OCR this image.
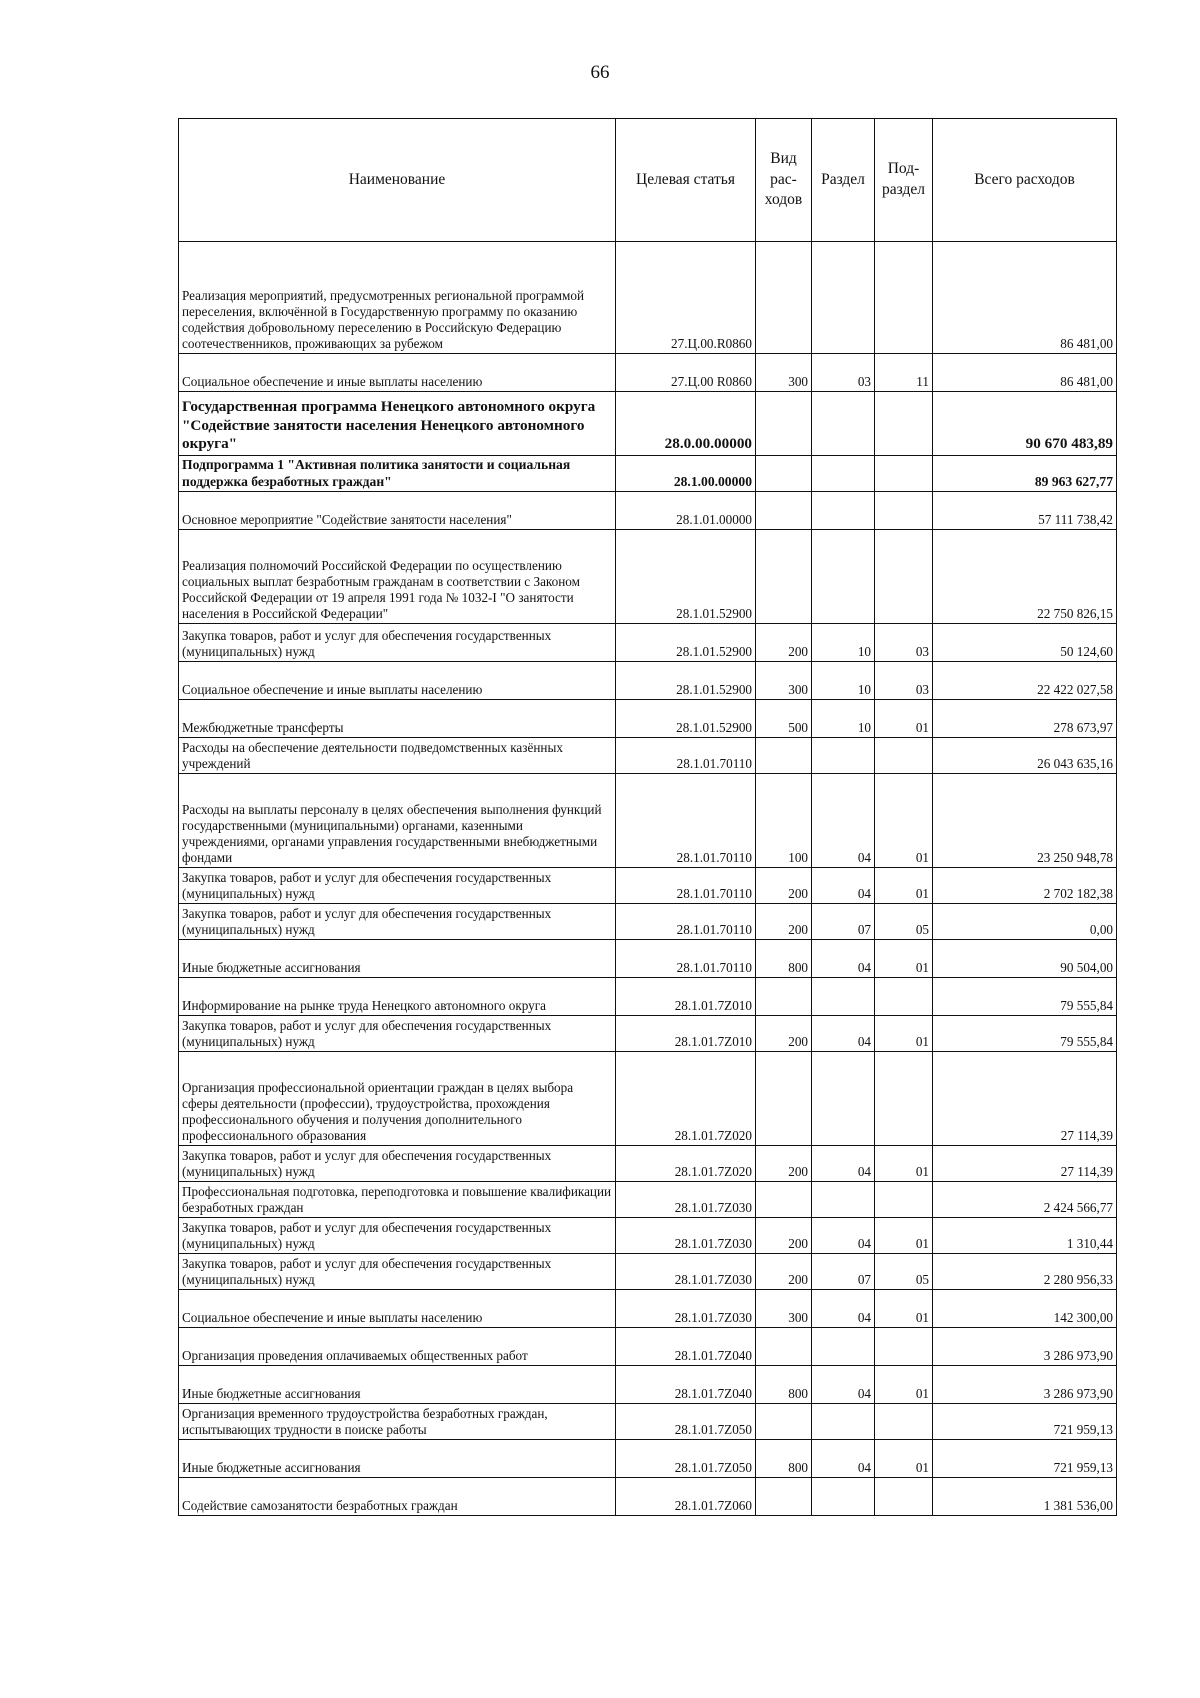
66
Наименование	Целевая статья	Вид рас- ходов	Раздел	Под- раздел	Всего расходов
Реализация мероприятий, предусмотренных региональной программой переселения, включённой в Государственную программу по оказанию содействия добровольному переселению в Российскую Федерацию соотечественников, проживающих за рубежом	27.Ц.00.R0860				86 481,00
Социальное обеспечение и иные выплаты населению	27.Ц.00 R0860	300	03	11	86 481,00
Государственная программа Ненецкого автономного округа "Содействие занятости населения Ненецкого автономного округа"	28.0.00.00000				90 670 483,89
Подпрограмма 1 "Активная политика занятости и социальная поддержка безработных граждан"	28.1.00.00000				89 963 627,77
Основное мероприятие "Содействие занятости населения"	28.1.01.00000				57 111 738,42
Реализация полномочий Российской Федерации по осуществлению социальных выплат безработным гражданам в соответствии с Законом Российской Федерации от 19 апреля 1991 года № 1032-I "О занятости населения в Российской Федерации"	28.1.01.52900				22 750 826,15
Закупка товаров, работ и услуг для обеспечения государственных (муниципальных) нужд	28.1.01.52900	200	10	03	50 124,60
Социальное обеспечение и иные выплаты населению	28.1.01.52900	300	10	03	22 422 027,58
Межбюджетные трансферты	28.1.01.52900	500	10	01	278 673,97
Расходы на обеспечение деятельности подведомственных казённых учреждений	28.1.01.70110				26 043 635,16
Расходы на выплаты персоналу в целях обеспечения выполнения функций государственными (муниципальными) органами, казенными учреждениями, органами управления государственными внебюджетными фондами	28.1.01.70110	100	04	01	23 250 948,78
Закупка товаров, работ и услуг для обеспечения государственных (муниципальных) нужд	28.1.01.70110	200	04	01	2 702 182,38
Закупка товаров, работ и услуг для обеспечения государственных (муниципальных) нужд	28.1.01.70110	200	07	05	0,00
Иные бюджетные ассигнования	28.1.01.70110	800	04	01	90 504,00
Информирование на рынке труда Ненецкого автономного округа	28.1.01.7Z010				79 555,84
Закупка товаров, работ и услуг для обеспечения государственных (муниципальных) нужд	28.1.01.7Z010	200	04	01	79 555,84
Организация профессиональной ориентации граждан в целях выбора сферы деятельности (профессии), трудоустройства, прохождения профессионального обучения и получения дополнительного профессионального образования	28.1.01.7Z020				27 114,39
Закупка товаров, работ и услуг для обеспечения государственных (муниципальных) нужд	28.1.01.7Z020	200	04	01	27 114,39
Профессиональная подготовка, переподготовка и повышение квалификации безработных граждан	28.1.01.7Z030				2 424 566,77
Закупка товаров, работ и услуг для обеспечения государственных (муниципальных) нужд	28.1.01.7Z030	200	04	01	1 310,44
Закупка товаров, работ и услуг для обеспечения государственных (муниципальных) нужд	28.1.01.7Z030	200	07	05	2 280 956,33
Социальное обеспечение и иные выплаты населению	28.1.01.7Z030	300	04	01	142 300,00
Организация проведения оплачиваемых общественных работ	28.1.01.7Z040				3 286 973,90
Иные бюджетные ассигнования	28.1.01.7Z040	800	04	01	3 286 973,90
Организация временного трудоустройства безработных граждан, испытывающих трудности в поиске работы	28.1.01.7Z050				721 959,13
Иные бюджетные ассигнования	28.1.01.7Z050	800	04	01	721 959,13
Содействие самозанятости безработных граждан	28.1.01.7Z060				1 381 536,00
